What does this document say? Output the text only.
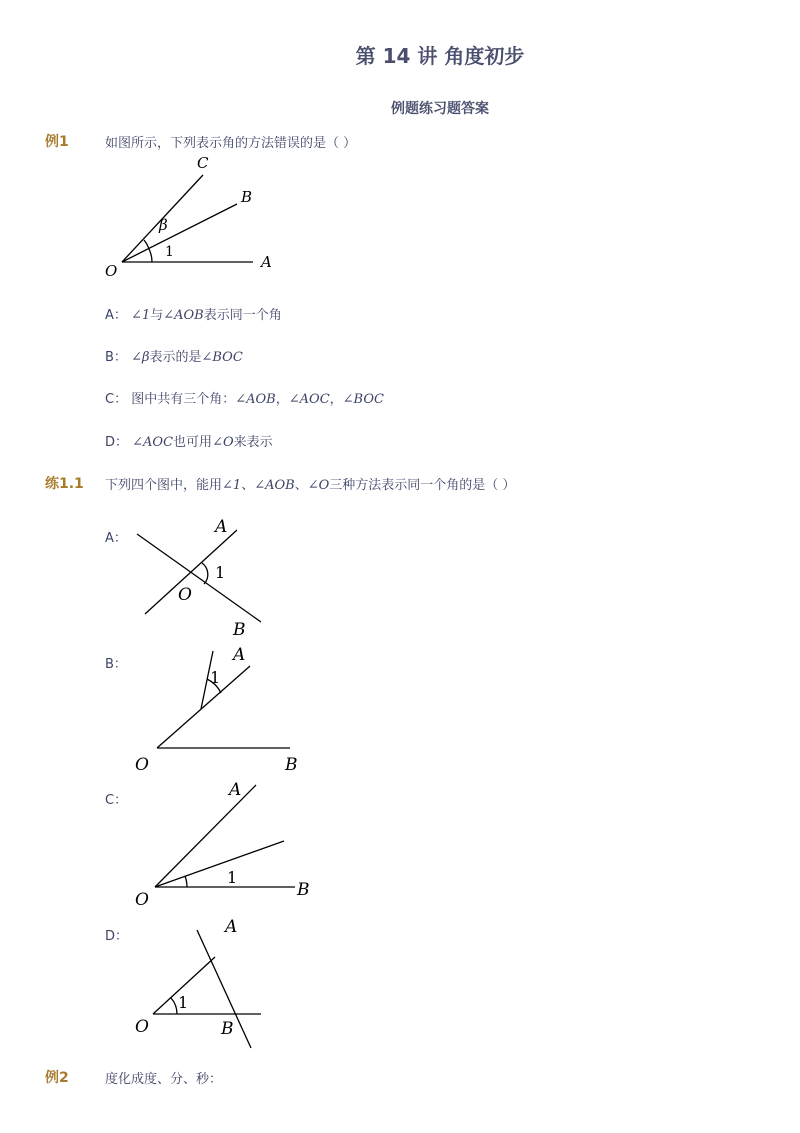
第 14 讲 角度初步
例题练习题答案
例1	如图所示，下列表示角的方法错误的是（ ）
C
B
β
1
O	A
A： ∠1与∠AOB表示同一个角
B： ∠β表示的是∠BOC
C： 图中共有三个角：∠AOB，∠AOC，∠BOC
D： ∠AOC也可用∠O来表示
练1.1 下列四个图中，能用∠1、∠AOB、∠O三种方法表示同一个角的是（ ）
A：
A
1
O
B
B：	A
1
O	B
C：
A
1
O	B
D：	A
1
O	B
例2	度化成度、分、秒：
